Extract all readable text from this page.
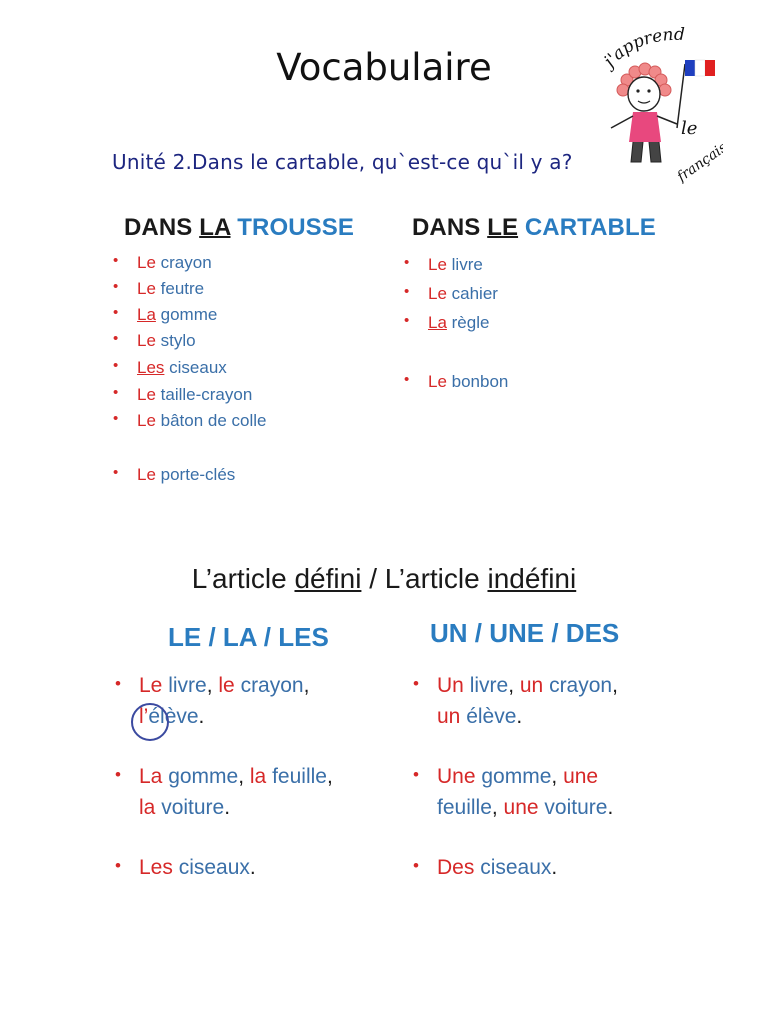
Vocabulaire	j'apprend
le
français
Unité 2.Dans le cartable, qu`est-ce qu`il y a?
DANS LA TROUSSE DANS LE CARTABLE
• Le crayon
• Le feutre
• La gomme
• Le stylo
• Les ciseaux
• Le taille-crayon
• Le bâton de colle
• Le porte-clés
• Le livre
• Le cahier
• La règle
• Le bonbon
L’article défini / L’article indéfini
LE / LA / LES	UN / UNE / DES
• Le livre, le crayon,
l’élève.
• La gomme, la feuille,
la voiture.
• Les ciseaux.
• Un livre, un crayon,
un élève.
• Une gomme, une
feuille, une voiture.
• Des ciseaux.
